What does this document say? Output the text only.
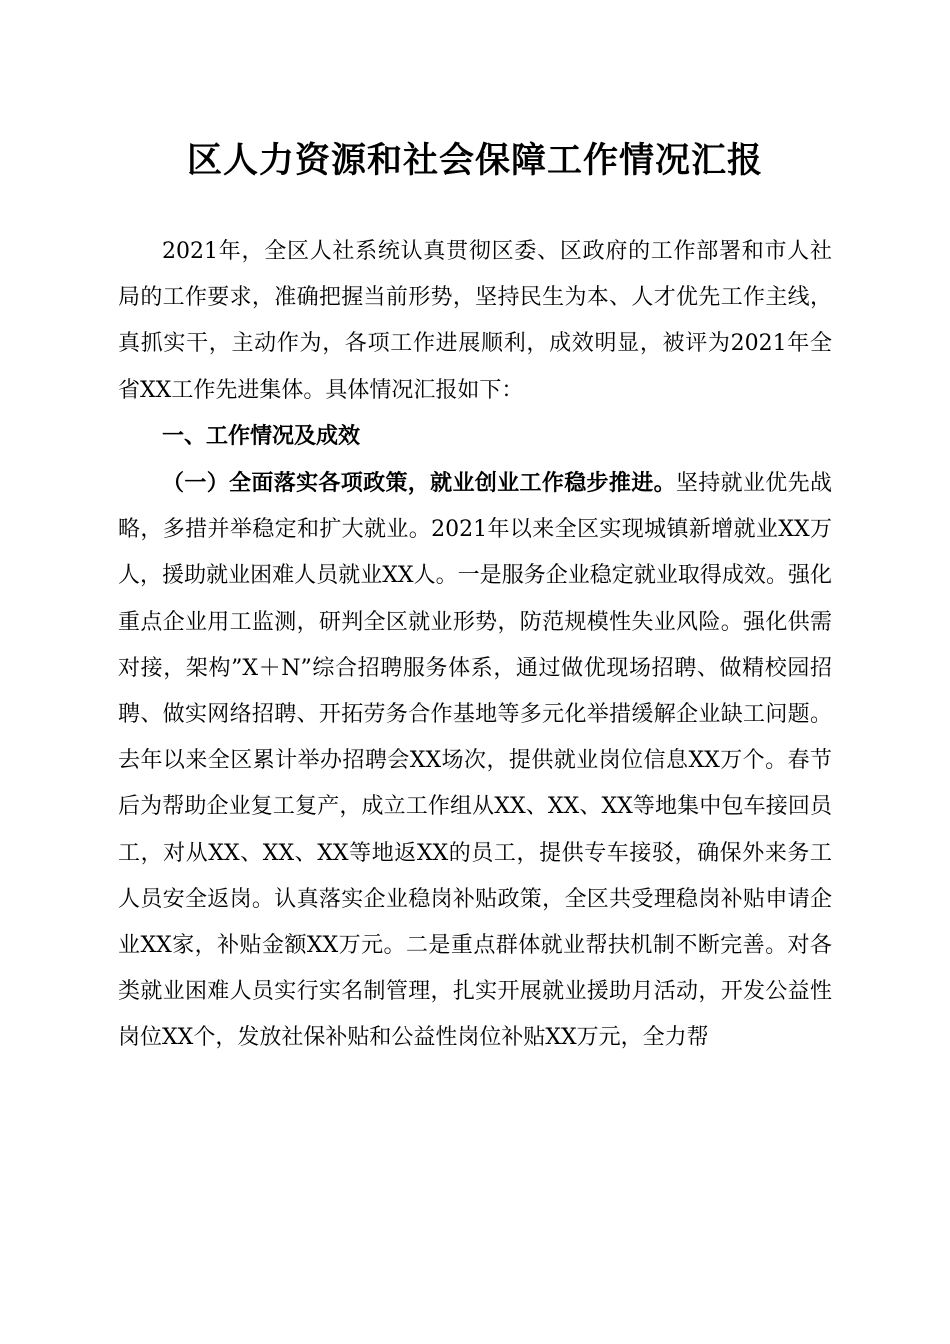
区人力资源和社会保障工作情况汇报

2021年，全区人社系统认真贯彻区委、区政府的工作部署和市人社局的工作要求，准确把握当前形势，坚持民生为本、人才优先工作主线，真抓实干，主动作为，各项工作进展顺利，成效明显，被评为2021年全省XX工作先进集体。具体情况汇报如下：

一、工作情况及成效

（一）全面落实各项政策，就业创业工作稳步推进。坚持就业优先战略，多措并举稳定和扩大就业。2021年以来全区实现城镇新增就业XX万人，援助就业困难人员就业XX人。一是服务企业稳定就业取得成效。强化重点企业用工监测，研判全区就业形势，防范规模性失业风险。强化供需对接，架构”X＋N”综合招聘服务体系，通过做优现场招聘、做精校园招聘、做实网络招聘、开拓劳务合作基地等多元化举措缓解企业缺工问题。去年以来全区累计举办招聘会XX场次，提供就业岗位信息XX万个。春节后为帮助企业复工复产，成立工作组从XX、XX、XX等地集中包车接回员工，对从XX、XX、XX等地返XX的员工，提供专车接驳，确保外来务工人员安全返岗。认真落实企业稳岗补贴政策，全区共受理稳岗补贴申请企业XX家，补贴金额XX万元。二是重点群体就业帮扶机制不断完善。对各类就业困难人员实行实名制管理，扎实开展就业援助月活动，开发公益性岗位XX个，发放社保补贴和公益性岗位补贴XX万元，全力帮
